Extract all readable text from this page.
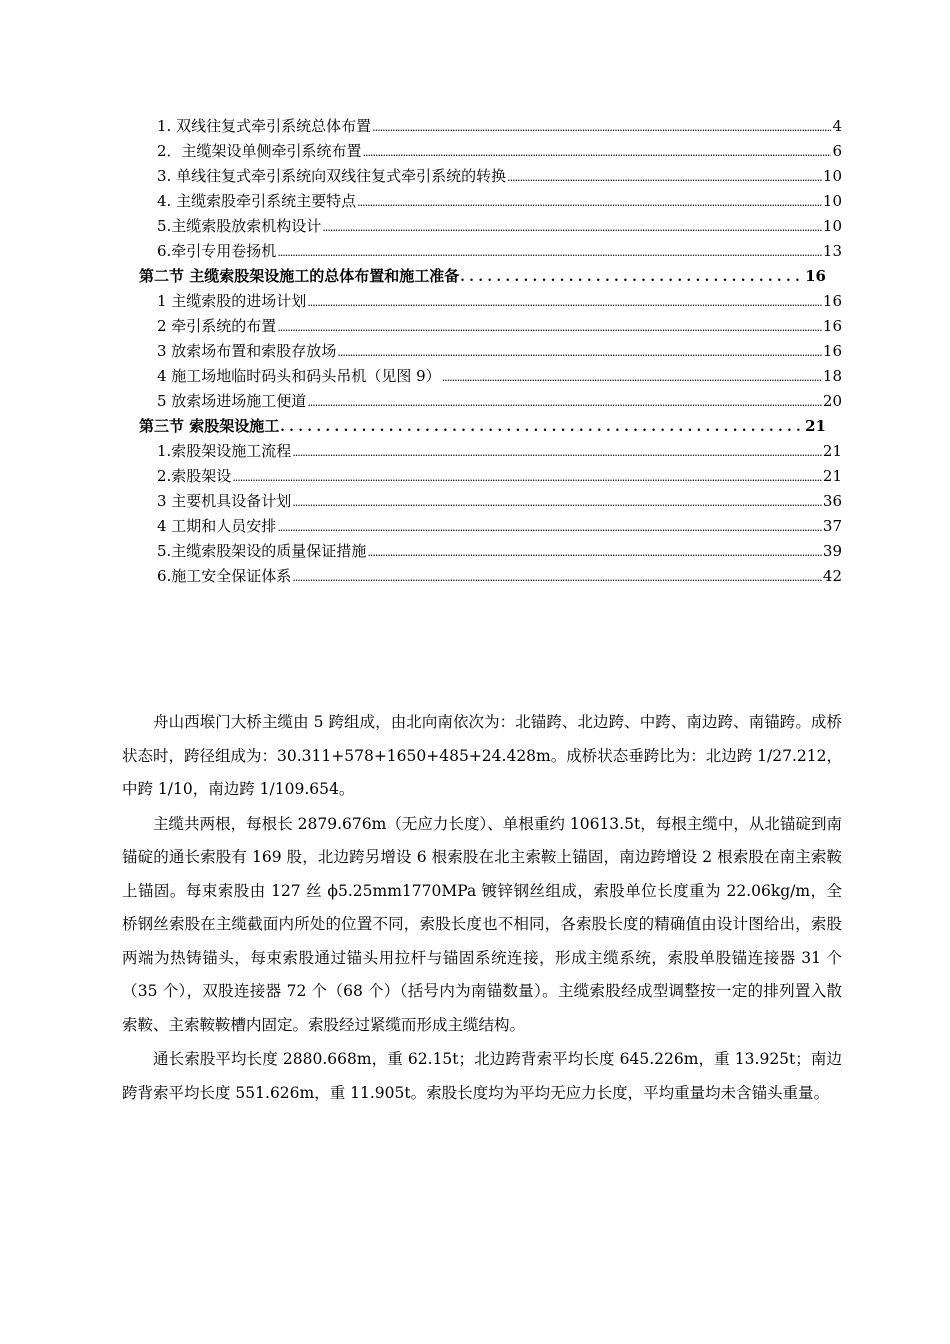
1. 双线往复式牵引系统总体布置 .....	4
2．主缆架设单侧牵引系统布置 .....	6
3. 单线往复式牵引系统向双线往复式牵引系统的转换 .....	10
4. 主缆索股牵引系统主要特点 .....	10
5.主缆索股放索机构设计 .....	10
6.牵引专用卷扬机 .....	13
第二节 主缆索股架设施工的总体布置和施工准备 . . .	16
1 主缆索股的进场计划 .....	16
2 牵引系统的布置 .....	16
3 放索场布置和索股存放场 .....	16
4 施工场地临时码头和码头吊机（见图 9） .....	18
5 放索场进场施工便道 .....	20
第三节 索股架设施工 . . .	21
1.索股架设施工流程 .....	21
2.索股架设 .....	21
3 主要机具设备计划 .....	36
4 工期和人员安排 .....	37
5.主缆索股架设的质量保证措施 .....	39
6.施工安全保证体系 .....	42

舟山西堠门大桥主缆由 5 跨组成，由北向南依次为：北锚跨、北边跨、中跨、南边跨、南锚跨。成桥状态时，跨径组成为：30.311+578+1650+485+24.428m。成桥状态垂跨比为：北边跨 1/27.212，中跨 1/10，南边跨 1/109.654。

主缆共两根，每根长 2879.676m（无应力长度）、单根重约 10613.5t，每根主缆中，从北锚碇到南锚碇的通长索股有 169 股，北边跨另增设 6 根索股在北主索鞍上锚固，南边跨增设 2 根索股在南主索鞍上锚固。每束索股由 127 丝 ϕ5.25mm1770MPa 镀锌钢丝组成，索股单位长度重为 22.06kg/m，全桥钢丝索股在主缆截面内所处的位置不同，索股长度也不相同，各索股长度的精确值由设计图给出，索股两端为热铸锚头，每束索股通过锚头用拉杆与锚固系统连接，形成主缆系统，索股单股锚连接器 31 个（35 个），双股连接器 72 个（68 个）（括号内为南锚数量）。主缆索股经成型调整按一定的排列置入散索鞍、主索鞍鞍槽内固定。索股经过紧缆而形成主缆结构。

通长索股平均长度 2880.668m，重 62.15t；北边跨背索平均长度 645.226m，重 13.925t；南边跨背索平均长度 551.626m，重 11.905t。索股长度均为平均无应力长度，平均重量均未含锚头重量。
